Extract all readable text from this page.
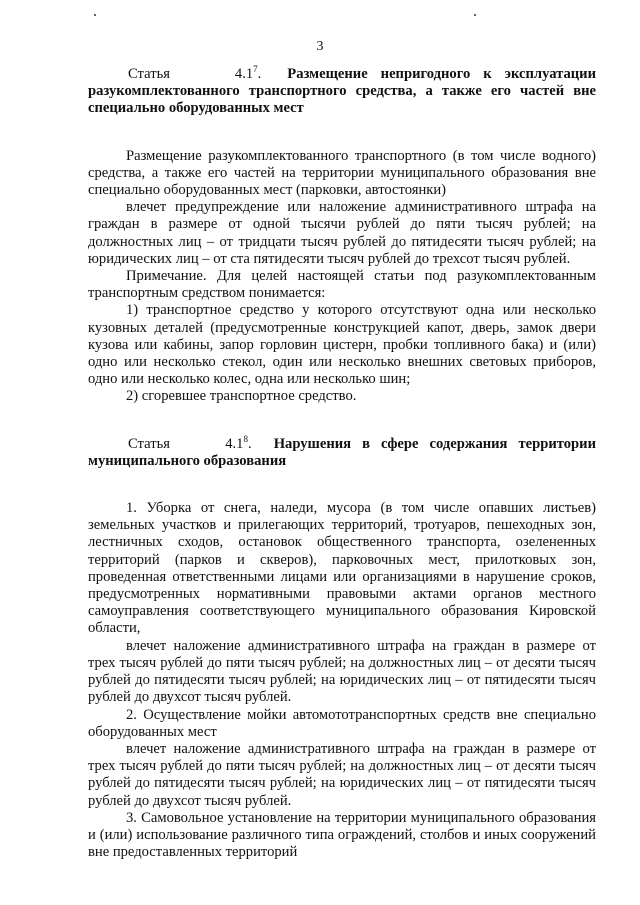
3

Статья	$4.1^7$.  Размещение непригодного к эксплуатации разукомплектованного транспортного средства, а также его частей вне специально оборудованных мест

Размещение разукомплектованного транспортного (в том числе водного) средства, а также его частей на территории муниципального образования вне специально оборудованных мест (парковки, автостоянки)

влечет предупреждение или наложение административного штрафа на граждан в размере от одной тысячи рублей до пяти тысяч рублей; на должностных лиц – от тридцати тысяч рублей до пятидесяти тысяч рублей; на юридических лиц – от ста пятидесяти тысяч рублей до трехсот тысяч рублей.

Примечание. Для целей настоящей статьи под разукомплектованным транспортным средством понимается:

1) транспортное средство у которого отсутствуют одна или несколько кузовных деталей (предусмотренные конструкцией капот, дверь, замок двери кузова или кабины, запор горловин цистерн, пробки топливного бака) и (или) одно или несколько стекол, один или несколько внешних световых приборов, одно или несколько колес, одна или несколько шин;

2) сгоревшее транспортное средство.

Статья	$4.1^8$.  Нарушения в сфере содержания территории муниципального образования

1. Уборка от снега, наледи, мусора (в том числе опавших листьев) земельных участков и прилегающих территорий, тротуаров, пешеходных зон, лестничных сходов, остановок общественного транспорта, озелененных территорий (парков и скверов), парковочных мест, прилотковых зон, проведенная ответственными лицами или организациями в нарушение сроков, предусмотренных нормативными правовыми актами органов местного самоуправления соответствующего муниципального образования Кировской области,

влечет наложение административного штрафа на граждан в размере от трех тысяч рублей до пяти тысяч рублей; на должностных лиц – от десяти тысяч рублей до пятидесяти тысяч рублей; на юридических лиц – от пятидесяти тысяч рублей до двухсот тысяч рублей.

2. Осуществление мойки автомототранспортных средств вне специально оборудованных мест

влечет наложение административного штрафа на граждан в размере от трех тысяч рублей до пяти тысяч рублей; на должностных лиц – от десяти тысяч рублей до пятидесяти тысяч рублей; на юридических лиц – от пятидесяти тысяч рублей до двухсот тысяч рублей.

3. Самовольное установление на территории муниципального образования и (или) использование различного типа ограждений, столбов и иных сооружений вне предоставленных территорий
